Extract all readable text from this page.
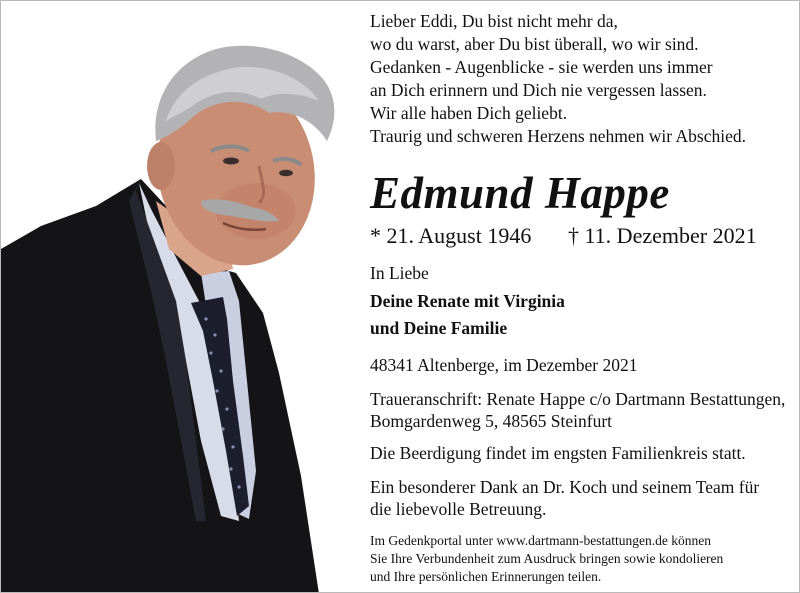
Lieber Eddi, Du bist nicht mehr da,
wo du warst, aber Du bist überall, wo wir sind.
Gedanken - Augenblicke - sie werden uns immer
an Dich erinnern und Dich nie vergessen lassen.
Wir alle haben Dich geliebt.
Traurig und schweren Herzens nehmen wir Abschied.
Edmund Happe
* 21. August 1946 † 11. Dezember 2021
In Liebe
Deine Renate mit Virginia
und Deine Familie
48341 Altenberge, im Dezember 2021
Traueranschrift: Renate Happe c/o Dartmann Bestattungen,
Bomgardenweg 5, 48565 Steinfurt
Die Beerdigung findet im engsten Familienkreis statt.
Ein besonderer Dank an Dr. Koch und seinem Team für
die liebevolle Betreuung.
Im Gedenkportal unter www.dartmann-bestattungen.de können
Sie Ihre Verbundenheit zum Ausdruck bringen sowie kondolieren
und Ihre persönlichen Erinnerungen teilen.
